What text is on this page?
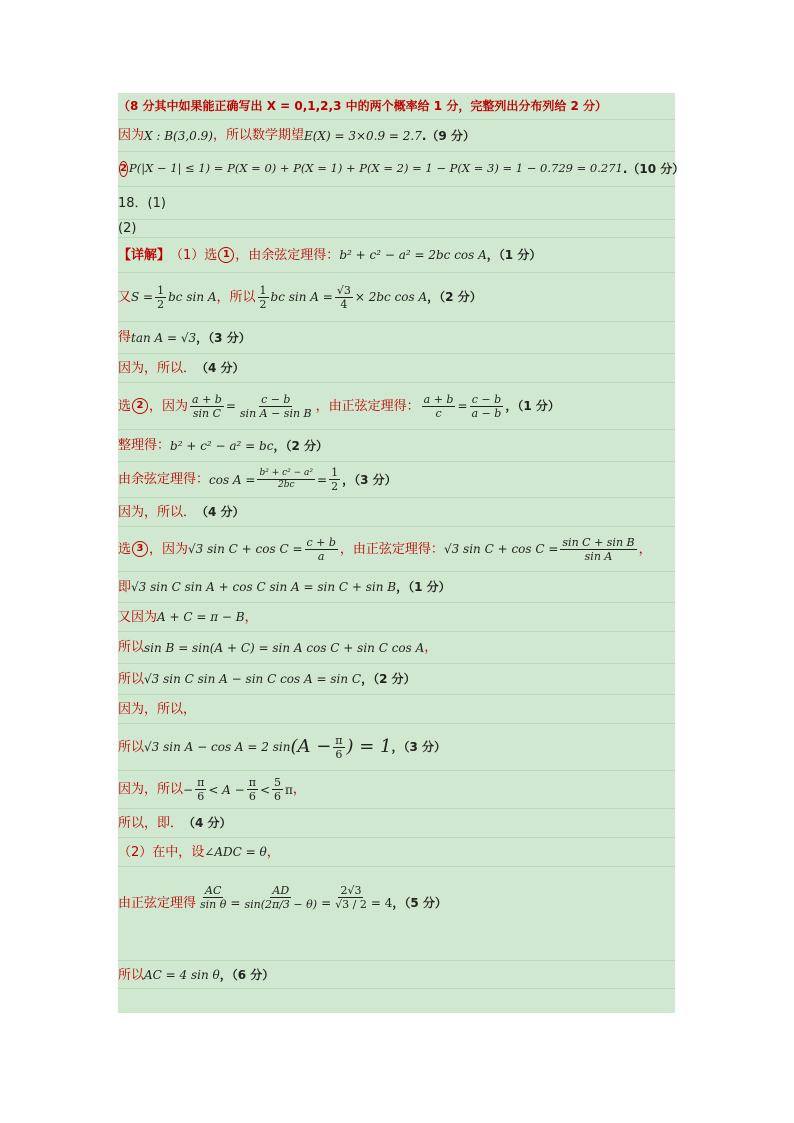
（8 分其中如果能正确写出 X = 0,1,2,3 中的两个概率给 1 分，完整列出分布列给 2 分）
因为 X : B(3,0.9) ，所以数学期望 E(X) = 3×0.9 = 2.7 .（9 分）
2 P(|X − 1| ≤ 1) = P(X = 0) + P(X = 1) + P(X = 2) = 1 − P(X = 3) = 1 − 0.729 = 0.271 .（10 分）
18．(1)
(2)
【详解】 （1）选 1 ，由余弦定理得： b² + c² − a² = 2bc cos A ，（1 分）
又 $S = \frac{1}{2}$ bc sin A ，所以 $\frac{1}{2}$ bc $\sin A = \frac{√3}{4} \times 2bc$ cos A ，（2 分）
得 tan A = √3 ，（3 分）
因为，所以． （4 分）
选 2 ，因为 $\frac{a + b}{\text{sin C}} = \frac{c - b}{\text{sin A − sin B}}$ ，由正弦定理得： $\frac{a + b}{c} = \frac{c - b}{a - b}$ ，（1 分）
整理得： b² + c² − a² = bc ，（2 分）
由余弦定理得： $\cos A = \frac{\text{b² + c² − a²}}{2bc} = \frac{1}{2}$ ，（3 分）
因为，所以． （4 分）
选 3 ，因为 √3 $\sin C + \cos C = \frac{c + b}{a}$ ，由正弦定理得： √3 $\sin C + \cos C = \frac{\text{sin C + sin B}}{\text{sin A}}$ ，
即 √3 sin C sin A + cos C sin A = sin C + sin B ，（1 分）
又因为 A + C = π − B ，
所以 sin B = sin(A + C) = sin A cos C + sin C cos A ，
所以 √3 sin C sin A − sin C cos A = sin C ，（2 分）
因为，所以，
所以 √3 sin A − cos A = 2 $\sin (A - \frac{\pi}{6}$ ) = 1 ，（3 分）
因为，所以 − $\frac{\pi}{6} < A - \frac{\pi}{6} < \frac{5}{6}$ π ，
所以，即． （4 分）
（2）在中，设 ∠ADC = θ ，
由正弦定理得 $\frac{AC}{\text{sin θ}} = \frac{AD}{\sin(2\pi/3 - \theta)} = \frac{2√3}{√3 / 2} = 4$ ，（5 分）
所以 AC = 4 sin θ ，（6 分）
